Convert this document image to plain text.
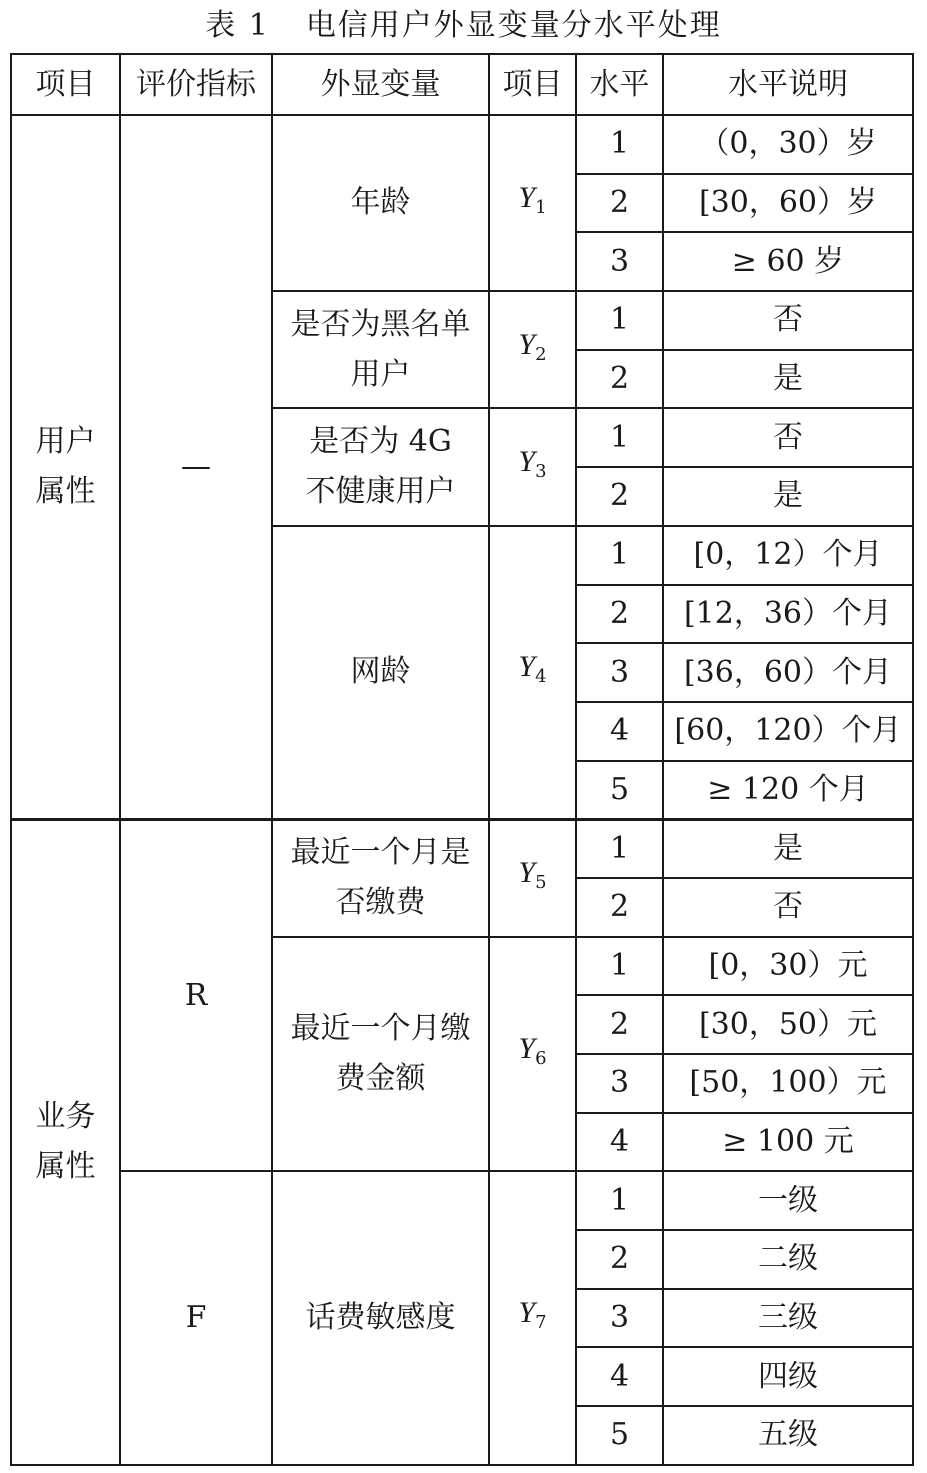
表 1 电信用户外显变量分水平处理
项目	评价指标	外显变量	项目	水平	水平说明
用户属性	—	年龄	$Y_1$	1	（0，30）岁
				2	[30，60）岁
				3	≥ 60 岁
		是否为黑名单用户	$Y_2$	1	否
				2	是
		是否为 4G 不健康用户	$Y_3$	1	否
				2	是
		网龄	$Y_4$	1	[0，12）个月
				2	[12，36）个月
				3	[36，60）个月
				4	[60，120）个月
				5	≥ 120 个月
业务属性	R	最近一个月是否缴费	$Y_5$	1	是
				2	否
		最近一个月缴费金额	$Y_6$	1	[0，30）元
				2	[30，50）元
				3	[50，100）元
				4	≥ 100 元
	F	话费敏感度	$Y_7$	1	一级
				2	二级
				3	三级
				4	四级
				5	五级
